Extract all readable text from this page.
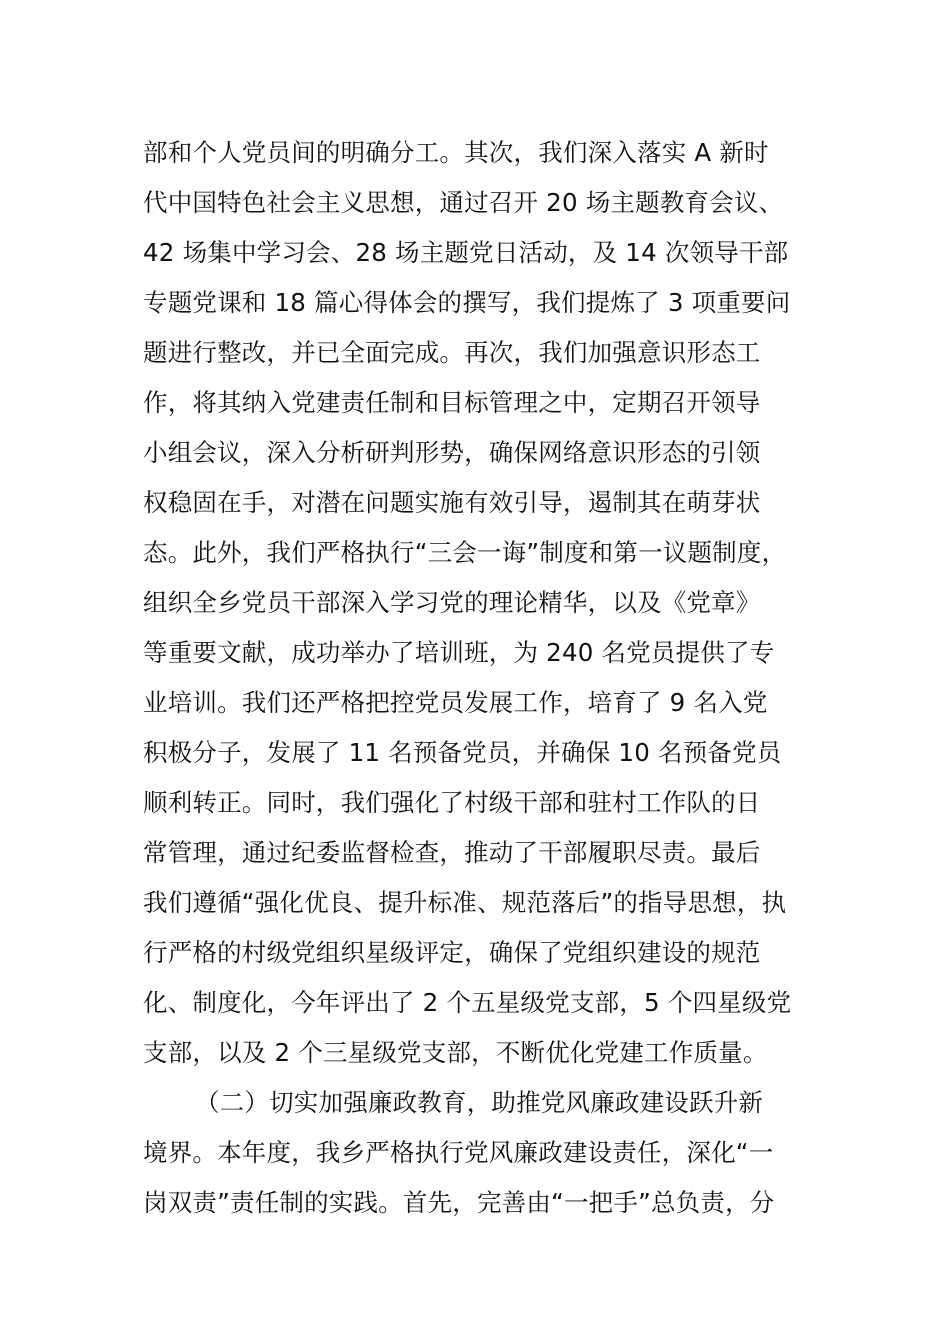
部和个人党员间的明确分工。其次，我们深入落实 A 新时
代中国特色社会主义思想，通过召开 20 场主题教育会议、
42 场集中学习会、28 场主题党日活动，及 14 次领导干部
专题党课和 18 篇心得体会的撰写，我们提炼了 3 项重要问
题进行整改，并已全面完成。再次，我们加强意识形态工
作，将其纳入党建责任制和目标管理之中，定期召开领导
小组会议，深入分析研判形势，确保网络意识形态的引领
权稳固在手，对潜在问题实施有效引导，遏制其在萌芽状
态。此外，我们严格执行“三会一诲”制度和第一议题制度，
组织全乡党员干部深入学习党的理论精华，以及《党章》
等重要文献，成功举办了培训班，为 240 名党员提供了专
业培训。我们还严格把控党员发展工作，培育了 9 名入党
积极分子，发展了 11 名预备党员，并确保 10 名预备党员
顺利转正。同时，我们强化了村级干部和驻村工作队的日
常管理，通过纪委监督检查，推动了干部履职尽责。最后
我们遵循“强化优良、提升标准、规范落后”的指导思想，执
行严格的村级党组织星级评定，确保了党组织建设的规范
化、制度化，今年评出了 2 个五星级党支部，5 个四星级党
支部，以及 2 个三星级党支部，不断优化党建工作质量。
（二）切实加强廉政教育，助推党风廉政建设跃升新
境界。本年度，我乡严格执行党风廉政建设责任，深化“一
岗双责”责任制的实践。首先，完善由“一把手”总负责，分
